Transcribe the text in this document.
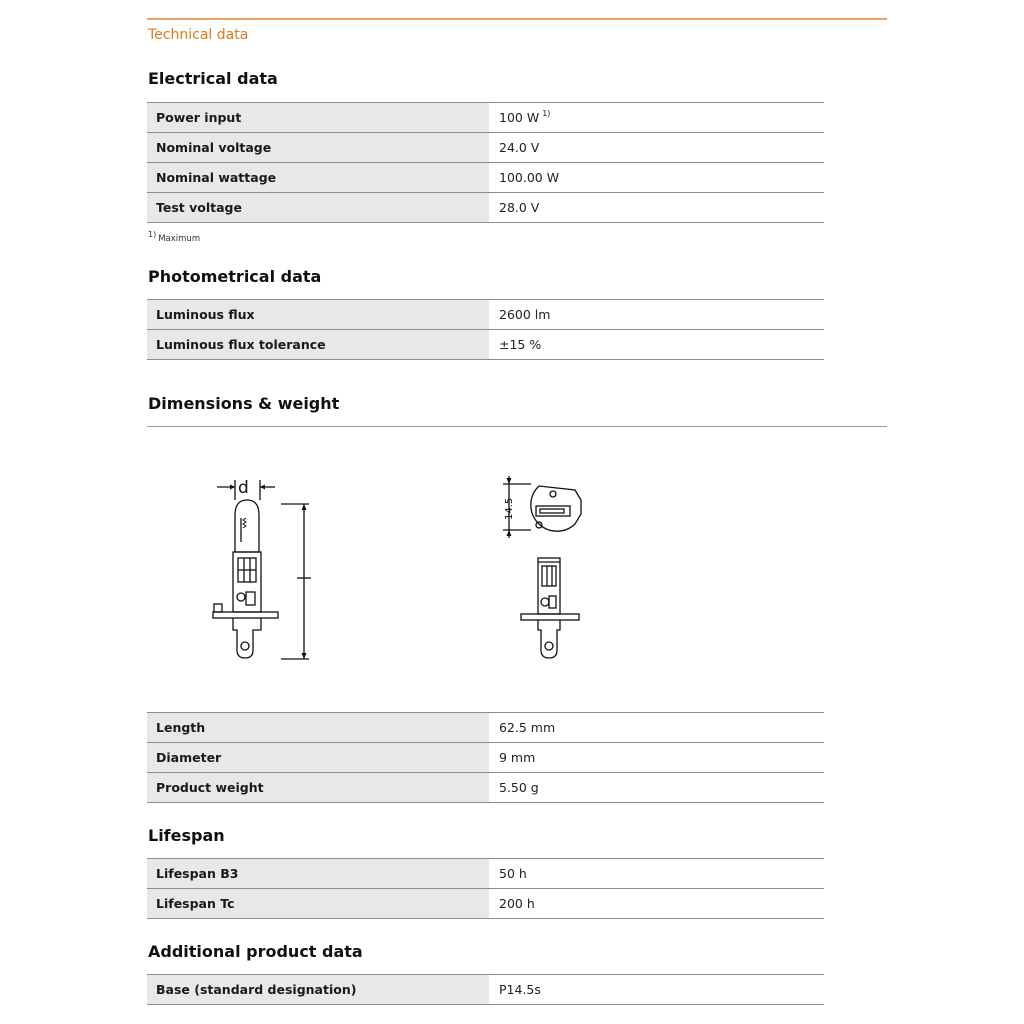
Technical data
Electrical data
Power input	100 W $^{1)}$
Nominal voltage	24.0 V
Nominal wattage	100.00 W
Test voltage	28.0 V
$^{1)}$ Maximum
Photometrical data
Luminous flux	2600 lm
Luminous flux tolerance	±15 %
Dimensions & weight
d
14.5
Length	62.5 mm
Diameter	9 mm
Product weight	5.50 g
Lifespan
Lifespan B3	50 h
Lifespan Tc	200 h
Additional product data
Base (standard designation)	P14.5s
